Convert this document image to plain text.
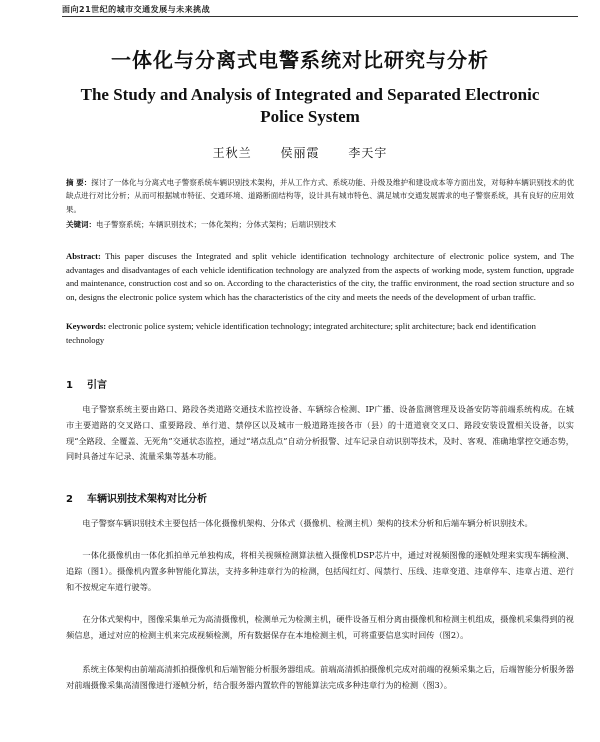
面向21世纪的城市交通发展与未来挑战
一体化与分离式电警系统对比研究与分析
The Study and Analysis of Integrated and Separated Electronic Police System
王秋兰 侯丽霞 李天宇
摘 要：探讨了一体化与分离式电子警察系统车辆识别技术架构，并从工作方式、系统功能、升级及维护和建设成本等方面出发，对每种车辆识别技术的优缺点进行对比分析；从而可根据城市特征、交通环境、道路断面结构等，设计具有城市特色、满足城市交通发展需求的电子警察系统，具有良好的应用效果。
关键词：电子警察系统；车辆识别技术；一体化架构；分体式架构；后端识别技术
Abstract: This paper discuses the Integrated and split vehicle identification technology architecture of electronic police system, and The advantages and disadvantages of each vehicle identification technology are analyzed from the aspects of working mode, system function, upgrade and maintenance, construction cost and so on. According to the characteristics of the city, the traffic environment, the road section structure and so on, designs the electronic police system which has the characteristics of the city and meets the needs of the development of urban traffic.
Keywords: electronic police system; vehicle identification technology; integrated architecture; split architecture; back end identification technology
1 引言
电子警察系统主要由路口、路段各类道路交通技术监控设备、车辆综合检测、IP广播、设备监测管理及设备安防等前端系统构成。在城市主要道路的交叉路口、重要路段、单行道、禁停区以及城市一般道路连接各市（县）的十道道衰交叉口、路段安装设置相关设备，以实现“全路段、全覆盖、无死角”交通状态监控，通过“堵点乱点”自动分析报警、过车记录自动识别等技术，及时、客观、准确地掌控交通态势，同时具备过车记录、流量采集等基本功能。
2 车辆识别技术架构对比分析
电子警察车辆识别技术主要包括一体化摄像机架构、分体式（摄像机、检测主机）架构的技术分析和后端车辆分析识别技术。
一体化摄像机由一体化抓拍单元单独构成，将相关视频检测算法植入摄像机DSP芯片中，通过对视频图像的逐帧处理来实现车辆检测、追踪（图1）。摄像机内置多种智能化算法，支持多种违章行为的检测，包括闯红灯、闯禁行、压线、违章变道、违章停车、违章占道、逆行和不按规定车道行驶等。
在分体式架构中，图像采集单元为高清摄像机，检测单元为检测主机，硬件设备互相分离由摄像机和检测主机组成，摄像机采集得到的视频信息，通过对应的检测主机来完成视频检测，所有数据保存在本地检测主机，可将重要信息实时回传（图2）。
系统主体架构由前端高清抓拍摄像机和后端智能分析服务器组成。前端高清抓拍摄像机完成对前端的视频采集之后，后端智能分析服务器对前端摄像采集高清图像进行逐帧分析，结合服务器内置软件的智能算法完成多种违章行为的检测（图3）。
